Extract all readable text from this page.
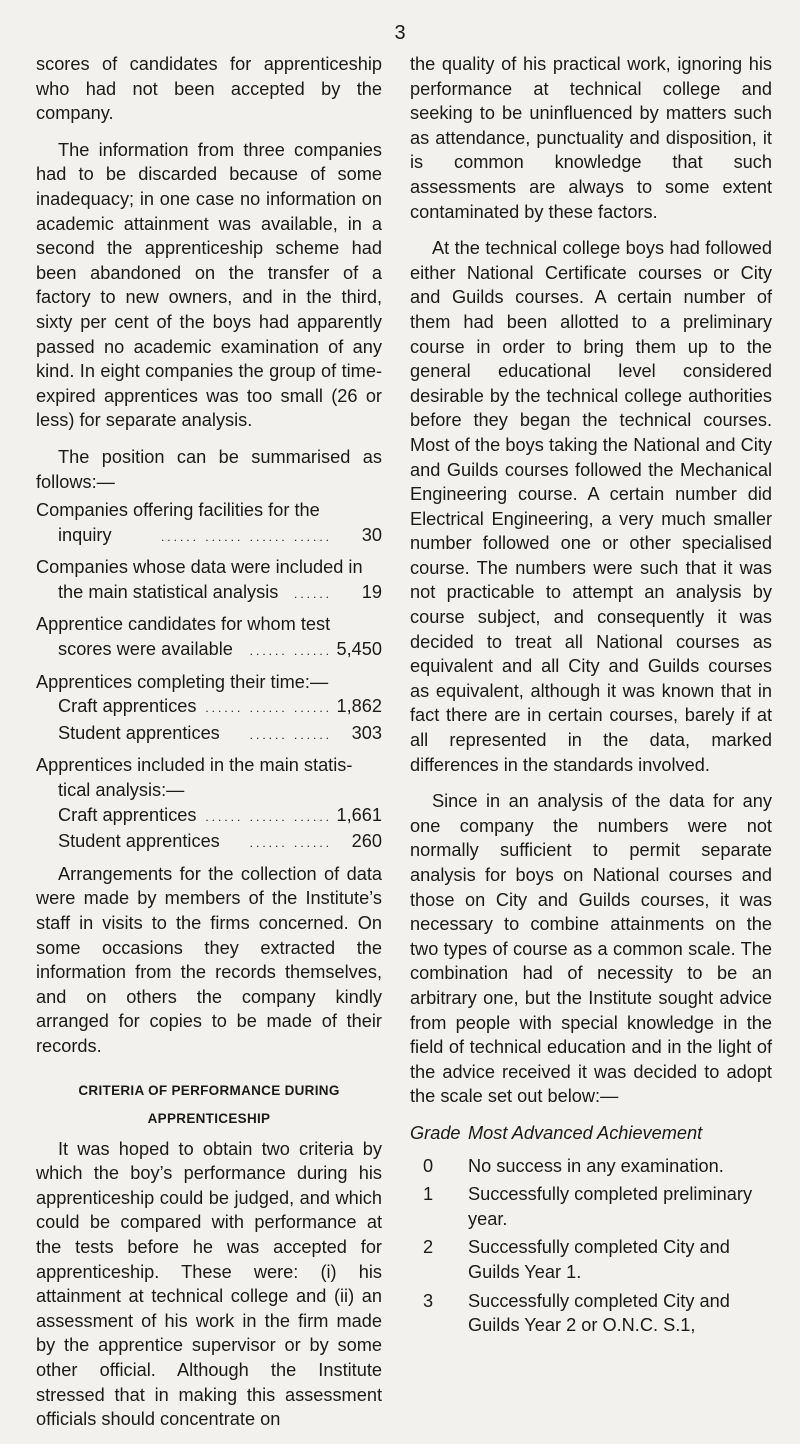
3

scores of candidates for apprenticeship who had not been accepted by the company.

The information from three companies had to be discarded because of some inadequacy; in one case no information on academic attainment was available, in a second the apprenticeship scheme had been abandoned on the transfer of a factory to new owners, and in the third, sixty per cent of the boys had apparently passed no academic examination of any kind. In eight companies the group of time-expired apprentices was too small (26 or less) for separate analysis.

The position can be summarised as follows:—

Companies offering facilities for the
inquiry	...... ...... ...... ......	30
Companies whose data were included in
the main statistical analysis	......	19
Apprentice candidates for whom test
scores were available	...... ...... 5,450
Apprentices completing their time:—
Craft apprentices ...... ...... ...... 1,862
Student apprentices	...... ......	303
Apprentices included in the main statis-
tical analysis:—
Craft apprentices ...... ...... ...... 1,661
Student apprentices	...... ......	260

Arrangements for the collection of data were made by members of the Institute’s staff in visits to the firms concerned. On some occasions they extracted the information from the records themselves, and on others the company kindly arranged for copies to be made of their records.

CRITERIA OF PERFORMANCE DURING
APPRENTICESHIP

It was hoped to obtain two criteria by which the boy’s performance during his apprenticeship could be judged, and which could be compared with performance at the tests before he was accepted for apprenticeship. These were: (i) his attainment at technical college and (ii) an assessment of his work in the firm made by the apprentice supervisor or by some other official. Although the Institute stressed that in making this assessment officials should concentrate on

the quality of his practical work, ignoring his performance at technical college and seeking to be uninfluenced by matters such as attendance, punctuality and disposition, it is common knowledge that such assessments are always to some extent contaminated by these factors.

At the technical college boys had followed either National Certificate courses or City and Guilds courses. A certain number of them had been allotted to a preliminary course in order to bring them up to the general educational level considered desirable by the technical college authorities before they began the technical courses. Most of the boys taking the National and City and Guilds courses followed the Mechanical Engineering course. A certain number did Electrical Engineering, a very much smaller number followed one or other specialised course. The numbers were such that it was not practicable to attempt an analysis by course subject, and consequently it was decided to treat all National courses as equivalent and all City and Guilds courses as equivalent, although it was known that in fact there are in certain courses, barely if at all represented in the data, marked differences in the standards involved.

Since in an analysis of the data for any one company the numbers were not normally sufficient to permit separate analysis for boys on National courses and those on City and Guilds courses, it was necessary to combine attainments on the two types of course as a common scale. The combination had of necessity to be an arbitrary one, but the Institute sought advice from people with special knowledge in the field of technical education and in the light of the advice received it was decided to adopt the scale set out below:—

Grade Most Advanced Achievement
0	No success in any examination.
1	Successfully completed preliminary year.
2	Successfully completed City and Guilds Year 1.
3	Successfully completed City and Guilds Year 2 or O.N.C. S.1,
